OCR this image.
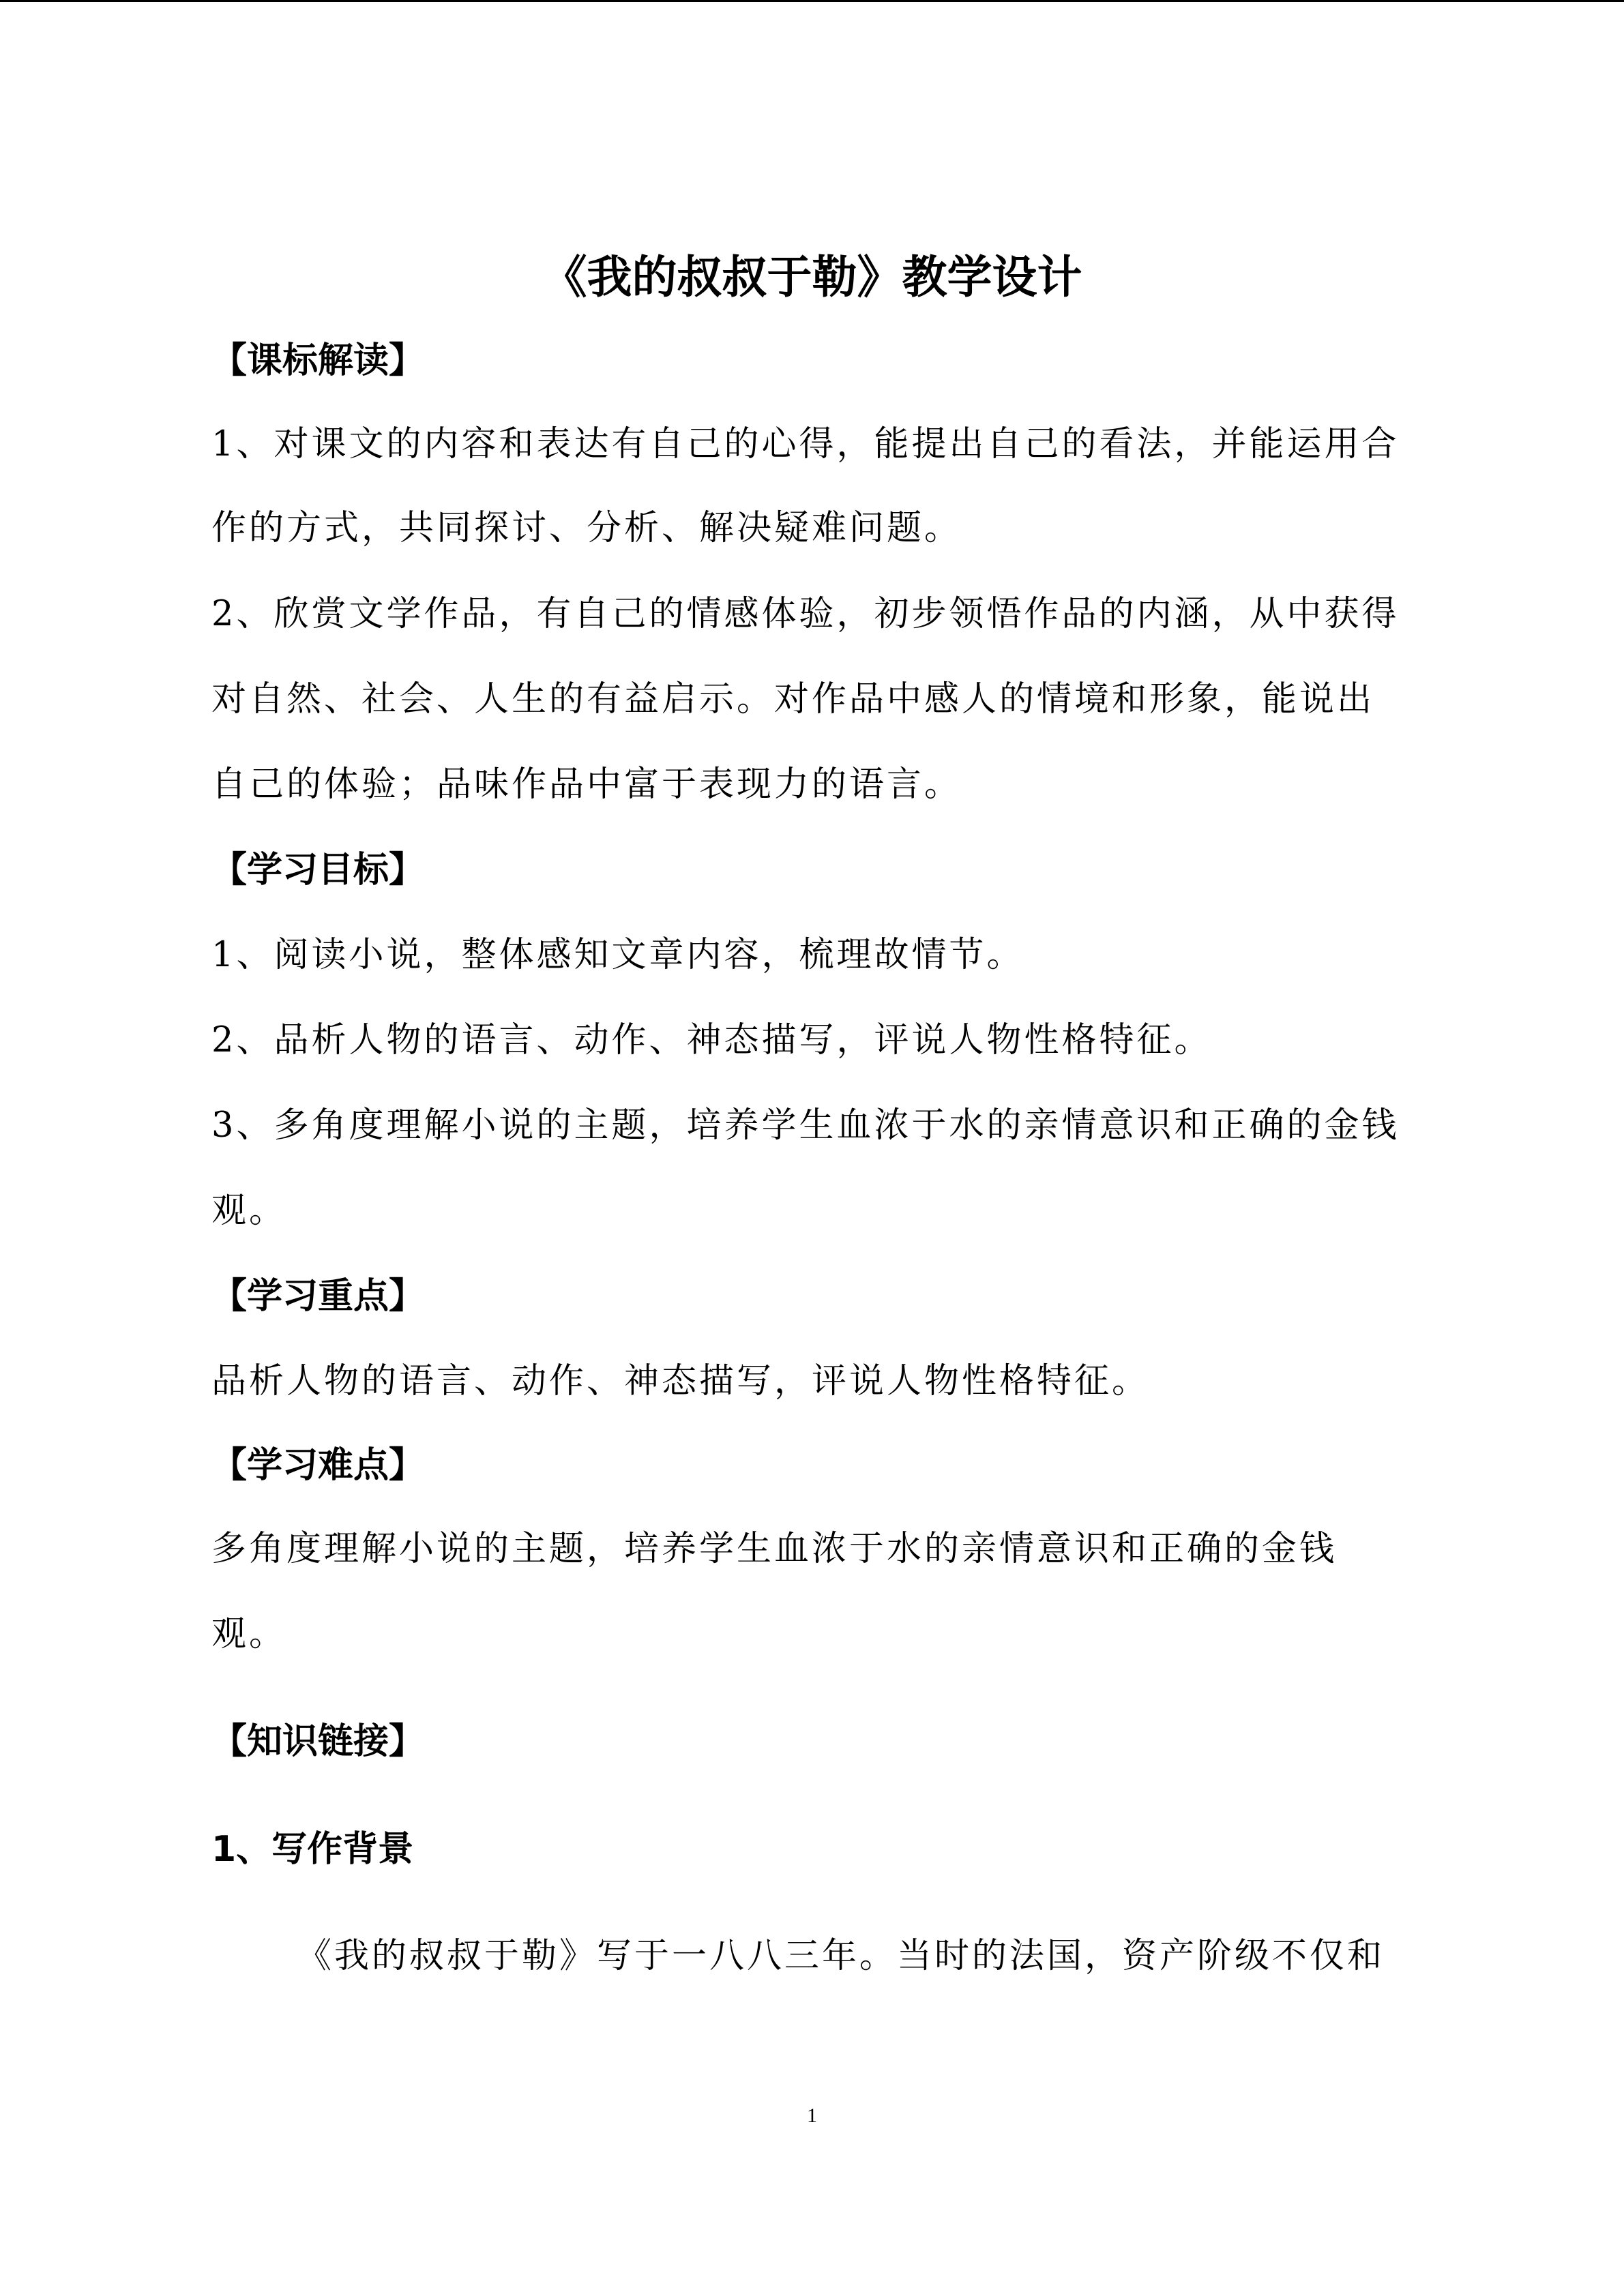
《我的叔叔于勒》教学设计
【课标解读】
1、对课文的内容和表达有自己的心得，能提出自己的看法，并能运用合
作的方式，共同探讨、分析、解决疑难问题。
2、欣赏文学作品，有自己的情感体验，初步领悟作品的内涵，从中获得
对自然、社会、人生的有益启示。对作品中感人的情境和形象，能说出
自己的体验；品味作品中富于表现力的语言。
【学习目标】
1、阅读小说，整体感知文章内容，梳理故情节。
2、品析人物的语言、动作、神态描写，评说人物性格特征。
3、多角度理解小说的主题，培养学生血浓于水的亲情意识和正确的金钱
观。
【学习重点】
品析人物的语言、动作、神态描写，评说人物性格特征。
【学习难点】
多角度理解小说的主题，培养学生血浓于水的亲情意识和正确的金钱
观。
【知识链接】
1、写作背景
《我的叔叔于勒》写于一八八三年。当时的法国，资产阶级不仅和
1
